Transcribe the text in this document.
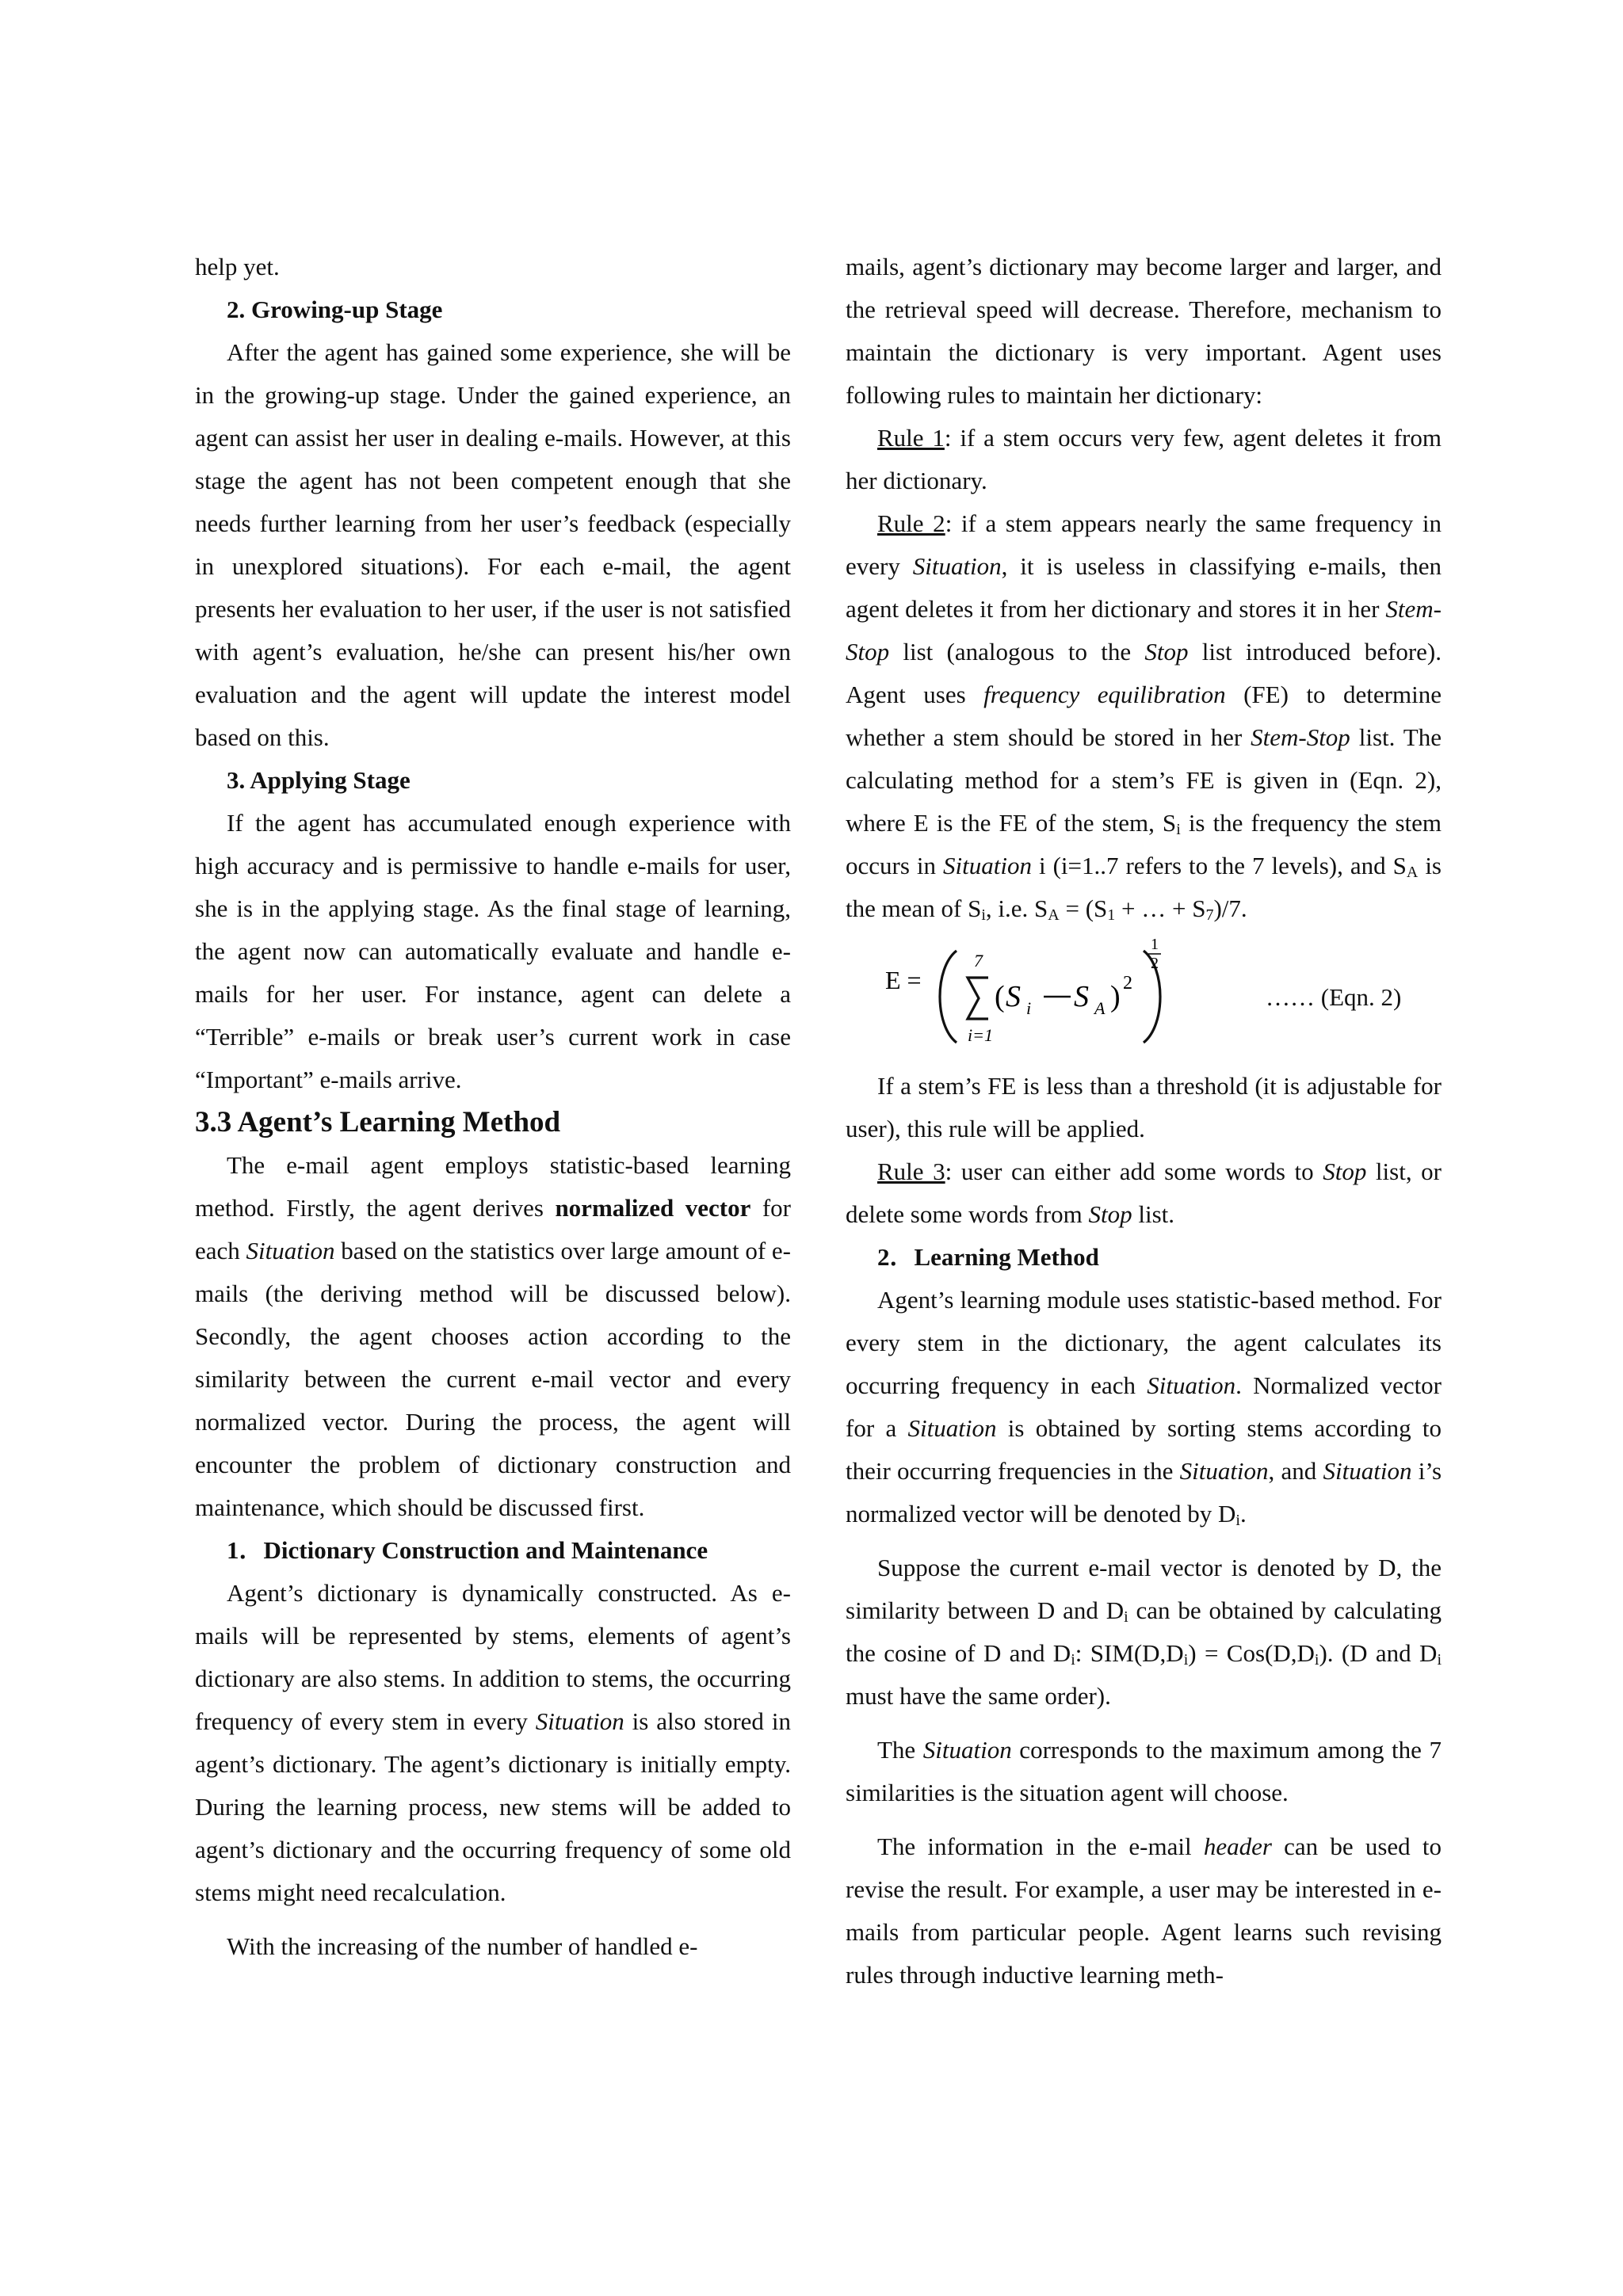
help yet.

2. Growing-up Stage

After the agent has gained some experience, she will be in the growing-up stage. Under the gained experience, an agent can assist her user in dealing e-mails. However, at this stage the agent has not been competent enough that she needs further learning from her user’s feedback (especially in unexplored situations). For each e-mail, the agent presents her evaluation to her user, if the user is not satisfied with agent’s evaluation, he/she can present his/her own evaluation and the agent will update the interest model based on this.

3. Applying Stage

If the agent has accumulated enough experience with high accuracy and is permissive to handle e-mails for user, she is in the applying stage. As the final stage of learning, the agent now can automatically evaluate and handle e-mails for her user. For instance, agent can delete a “Terrible” e-mails or break user’s current work in case “Important” e-mails arrive.

3.3 Agent’s Learning Method

The e-mail agent employs statistic-based learning method. Firstly, the agent derives normalized vector for each Situation based on the statistics over large amount of e-mails (the deriving method will be discussed below). Secondly, the agent chooses action according to the similarity between the current e-mail vector and every normalized vector. During the process, the agent will encounter the problem of dictionary construction and maintenance, which should be discussed first.

1．Dictionary Construction and Maintenance

Agent’s dictionary is dynamically constructed. As e-mails will be represented by stems, elements of agent’s dictionary are also stems. In addition to stems, the occurring frequency of every stem in every Situation is also stored in agent’s dictionary. The agent’s dictionary is initially empty. During the learning process, new stems will be added to agent’s dictionary and the occurring frequency of some old stems might need recalculation.

With the increasing of the number of handled e-

mails, agent’s dictionary may become larger and larger, and the retrieval speed will decrease. Therefore, mechanism to maintain the dictionary is very important. Agent uses following rules to maintain her dictionary:

Rule 1: if a stem occurs very few, agent deletes it from her dictionary.

Rule 2: if a stem appears nearly the same frequency in every Situation, it is useless in classifying e-mails, then agent deletes it from her dictionary and stores it in her Stem-Stop list (analogous to the Stop list introduced before). Agent uses frequency equilibration (FE) to determine whether a stem should be stored in her Stem-Stop list. The calculating method for a stem’s FE is given in (Eqn. 2), where E is the FE of the stem, Si is the frequency the stem occurs in Situation i (i=1..7 refers to the 7 levels), and SA is the mean of Si, i.e. SA = (S1 + … + S7)/7.

E =
7
i=1
( S i S A ) 2
1
2
…… (Eqn. 2)

If a stem’s FE is less than a threshold (it is adjustable for user), this rule will be applied.

Rule 3: user can either add some words to Stop list, or delete some words from Stop list.

2．Learning Method

Agent’s learning module uses statistic-based method. For every stem in the dictionary, the agent calculates its occurring frequency in each Situation. Normalized vector for a Situation is obtained by sorting stems according to their occurring frequencies in the Situation, and Situation i’s normalized vector will be denoted by Di.

Suppose the current e-mail vector is denoted by D, the similarity between D and Di can be obtained by calculating the cosine of D and Di: SIM(D,Di) = Cos(D,Di). (D and Di must have the same order).

The Situation corresponds to the maximum among the 7 similarities is the situation agent will choose.

The information in the e-mail header can be used to revise the result. For example, a user may be interested in e-mails from particular people. Agent learns such revising rules through inductive learning meth-
